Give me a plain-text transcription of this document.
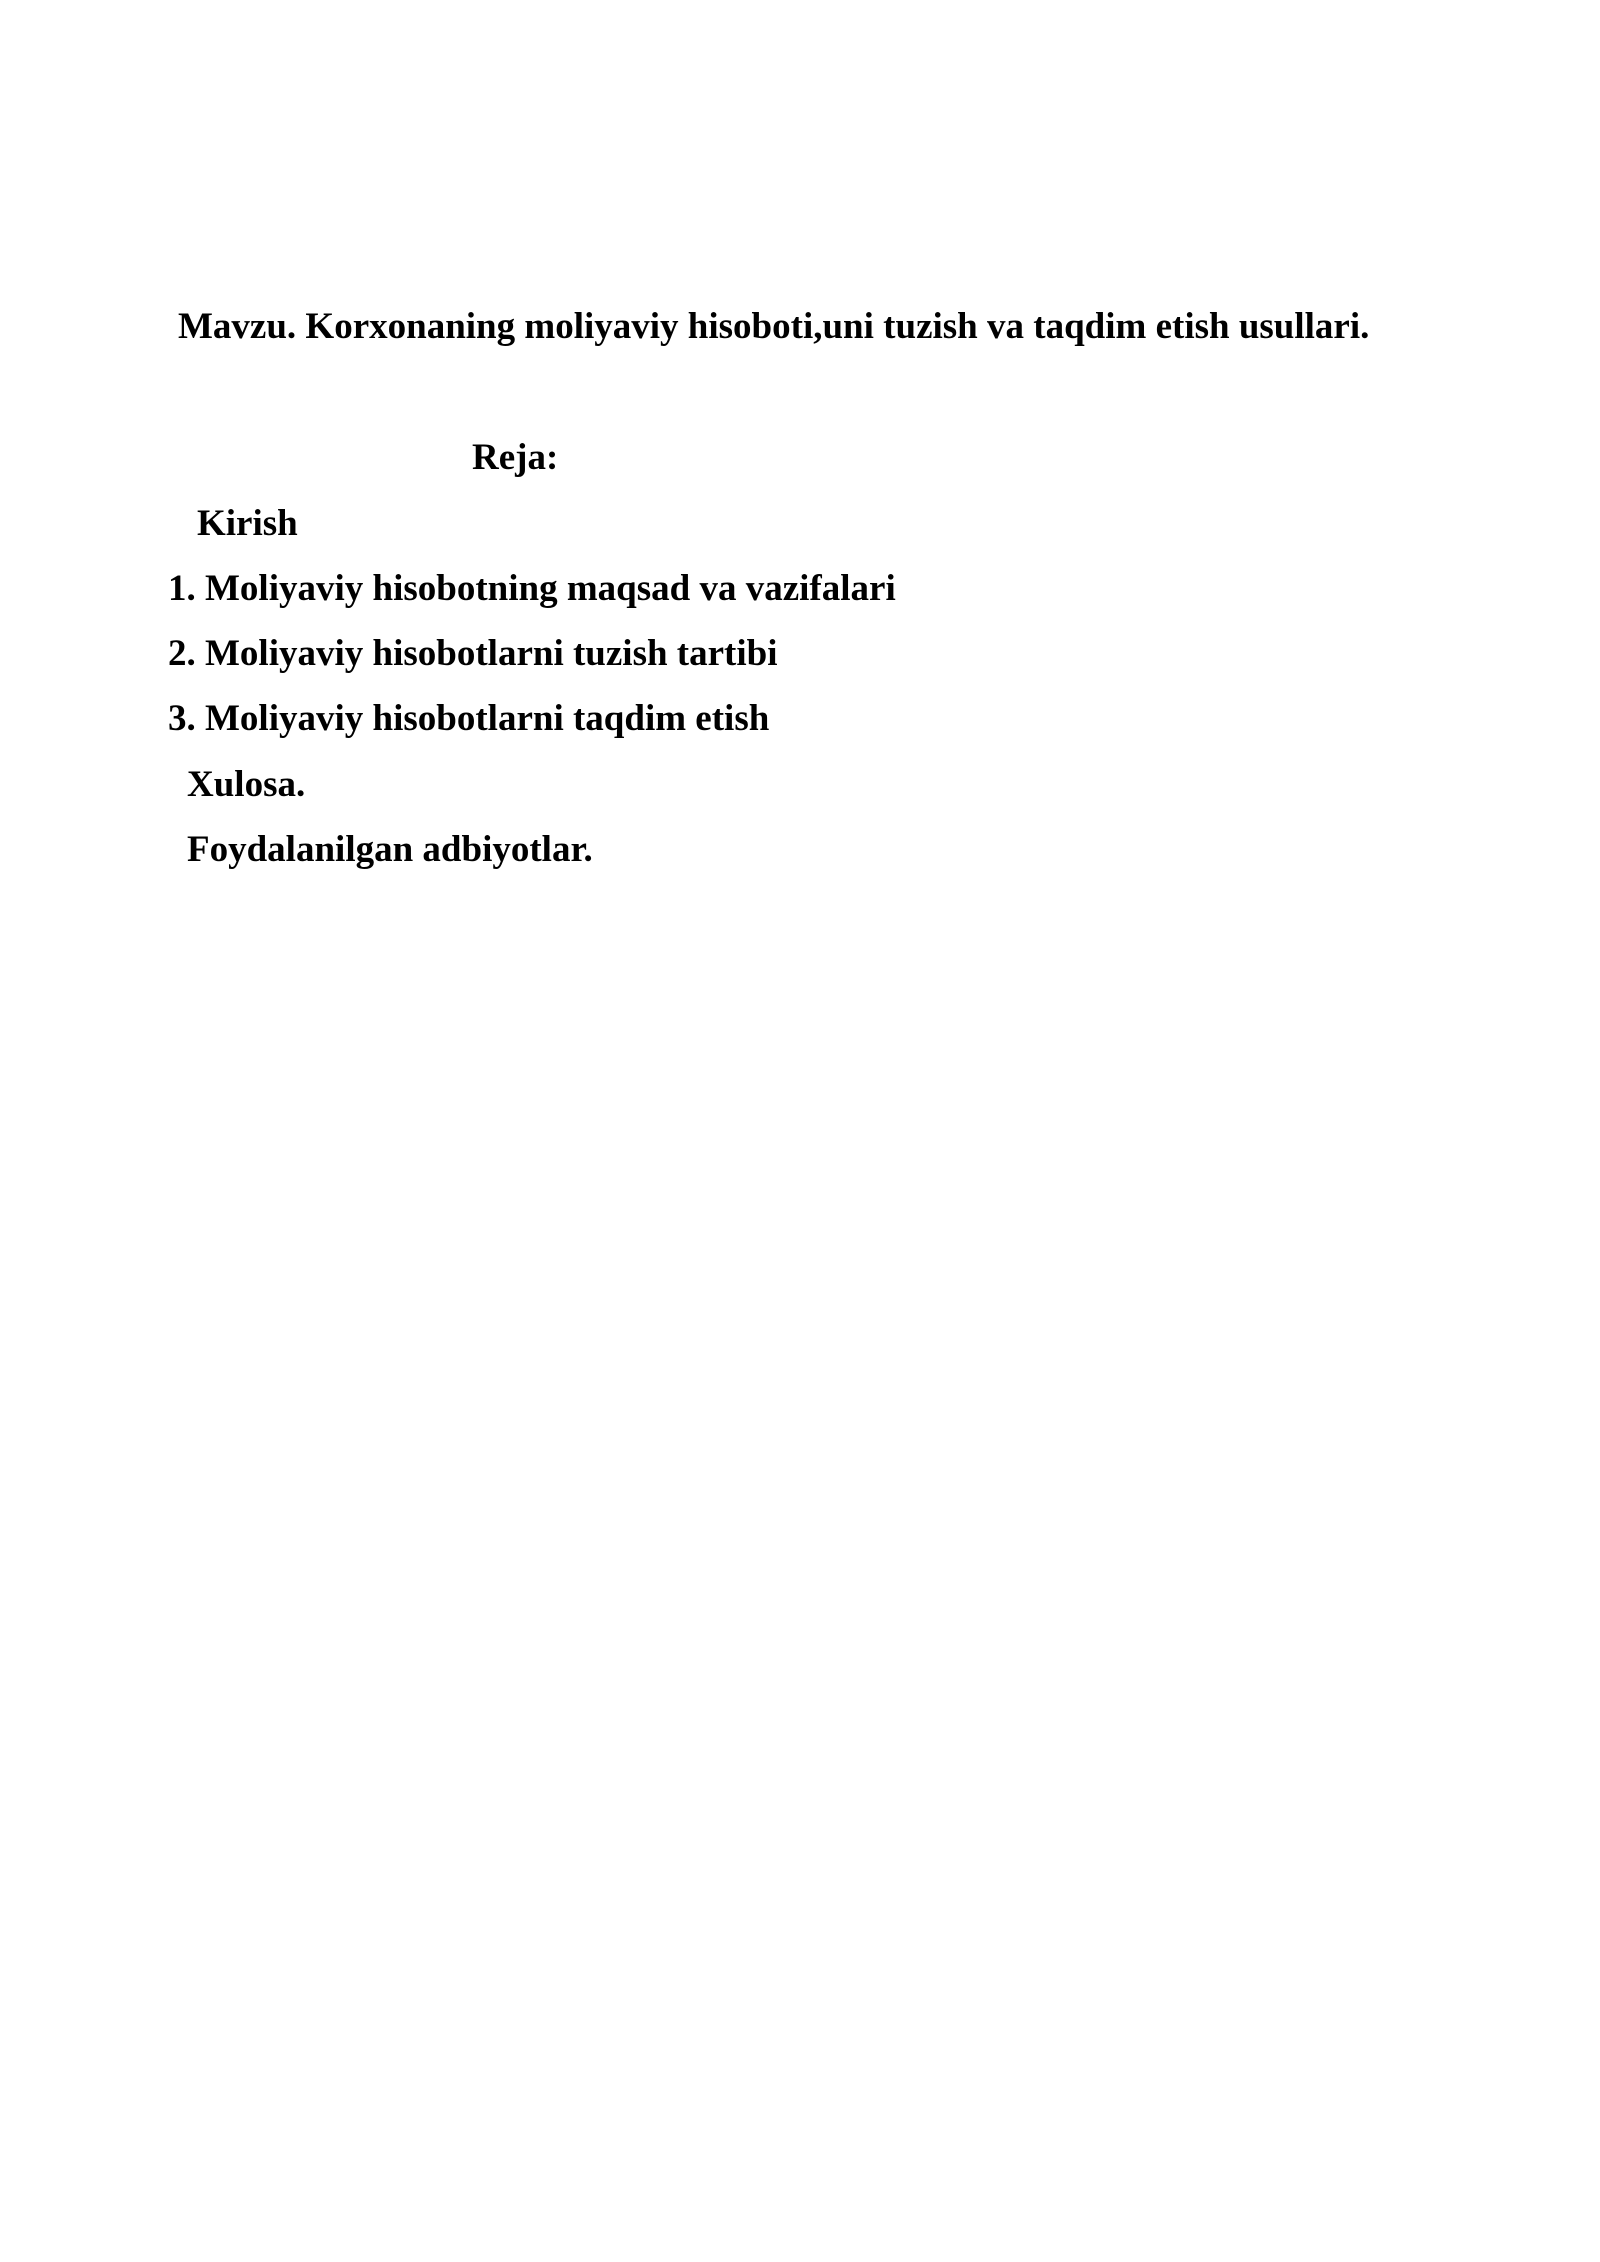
Mavzu. Korxonaning moliyaviy hisoboti,uni tuzish va taqdim etish usullari.
Reja:
Kirish
1. Moliyaviy hisobotning maqsad va vazifalari
2. Moliyaviy hisobotlarni tuzish tartibi
3. Moliyaviy hisobotlarni taqdim etish
Xulosa.
Foydalanilgan adbiyotlar.
